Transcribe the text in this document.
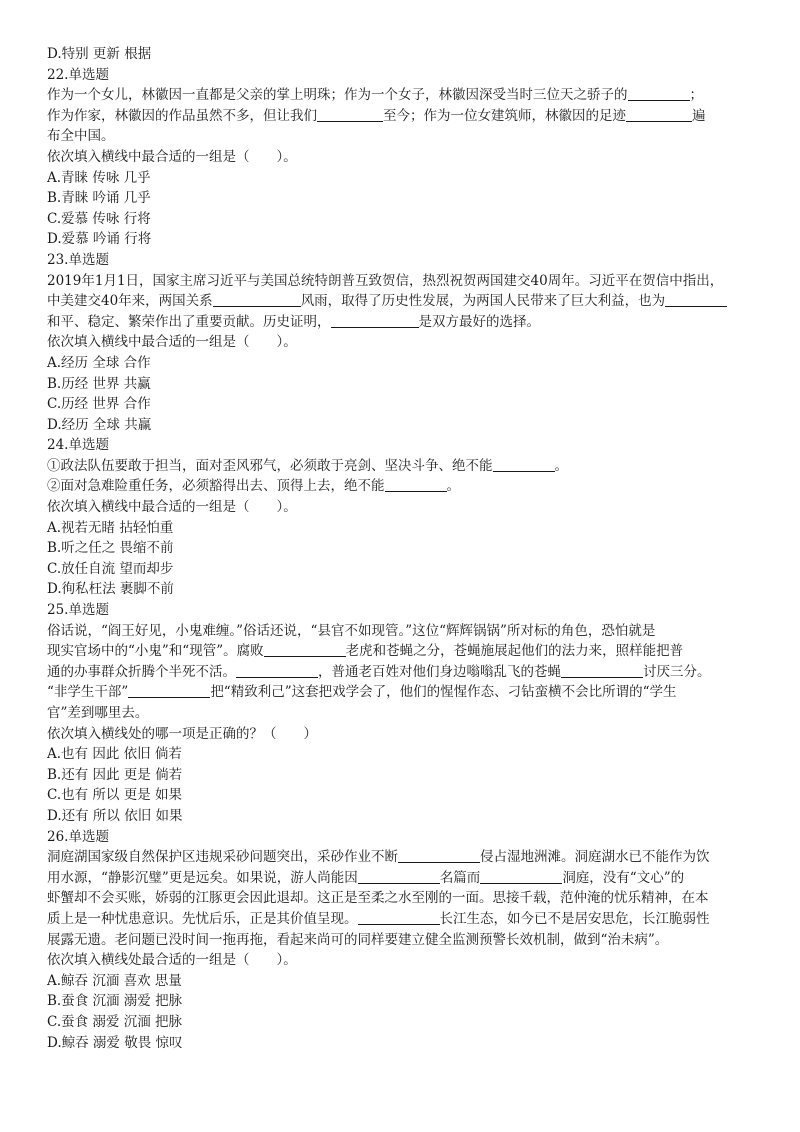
D.特别 更新 根据
22.单选题
作为一个女儿，林徽因一直都是父亲的掌上明珠；作为一个女子，林徽因深受当时三位天之骄子的	；
作为作家，林徽因的作品虽然不多，但让我们	至今；作为一位女建筑师，林徽因的足迹	遍
布全中国。
依次填入横线中最合适的一组是（　　）。
A.青睐 传咏 几乎
B.青睐 吟诵 几乎
C.爱慕 传咏 行将
D.爱慕 吟诵 行将
23.单选题
2019年1月1日，国家主席习近平与美国总统特朗普互致贺信，热烈祝贺两国建交40周年。习近平在贺信中指出，
中美建交40年来，两国关系	风雨，取得了历史性发展，为两国人民带来了巨大利益，也为
和平、稳定、繁荣作出了重要贡献。历史证明，	是双方最好的选择。
依次填入横线中最合适的一组是（　　）。
A.经历 全球 合作
B.历经 世界 共赢
C.历经 世界 合作
D.经历 全球 共赢
24.单选题
①政法队伍要敢于担当，面对歪风邪气，必须敢于亮剑、坚决斗争、绝不能	。
②面对急难险重任务，必须豁得出去、顶得上去，绝不能	。
依次填入横线中最合适的一组是（　　）。
A.视若无睹 拈轻怕重
B.听之任之 畏缩不前
C.放任自流 望而却步
D.徇私枉法 裹脚不前
25.单选题
俗话说，“阎王好见，小鬼难缠。”俗话还说，“县官不如现管。”这位“辉辉锅锅”所对标的角色，恐怕就是
现实官场中的“小鬼”和“现管”。腐败	老虎和苍蝇之分，苍蝇施展起他们的法力来，照样能把普
通的办事群众折腾个半死不活。	，普通老百姓对他们身边嗡嗡乱飞的苍蝇	讨厌三分。
“非学生干部”	把“精致利己”这套把戏学会了，他们的惺惺作态、刁钻蛮横不会比所谓的“学生
官”差到哪里去。
依次填入横线处的哪一项是正确的？（　　）
A.也有 因此 依旧 倘若
B.还有 因此 更是 倘若
C.也有 所以 更是 如果
D.还有 所以 依旧 如果
26.单选题
洞庭湖国家级自然保护区违规采砂问题突出，采砂作业不断	侵占湿地洲滩。洞庭湖水已不能作为饮
用水源，“静影沉璧”更是远矣。如果说，游人尚能因	名篇而	洞庭，没有“文心”的
虾蟹却不会买账，娇弱的江豚更会因此退却。这正是至柔之水至刚的一面。思接千载，范仲淹的忧乐精神，在本
质上是一种忧患意识。先忧后乐，正是其价值呈现。	长江生态，如今已不是居安思危，长江脆弱性
展露无遗。老问题已没时间一拖再拖，看起来尚可的同样要建立健全监测预警长效机制，做到“治未病”。
依次填入横线处最合适的一组是（　　）。
A.鲸吞 沉湎 喜欢 思量
B.蚕食 沉湎 溺爱 把脉
C.蚕食 溺爱 沉湎 把脉
D.鲸吞 溺爱 敬畏 惊叹
